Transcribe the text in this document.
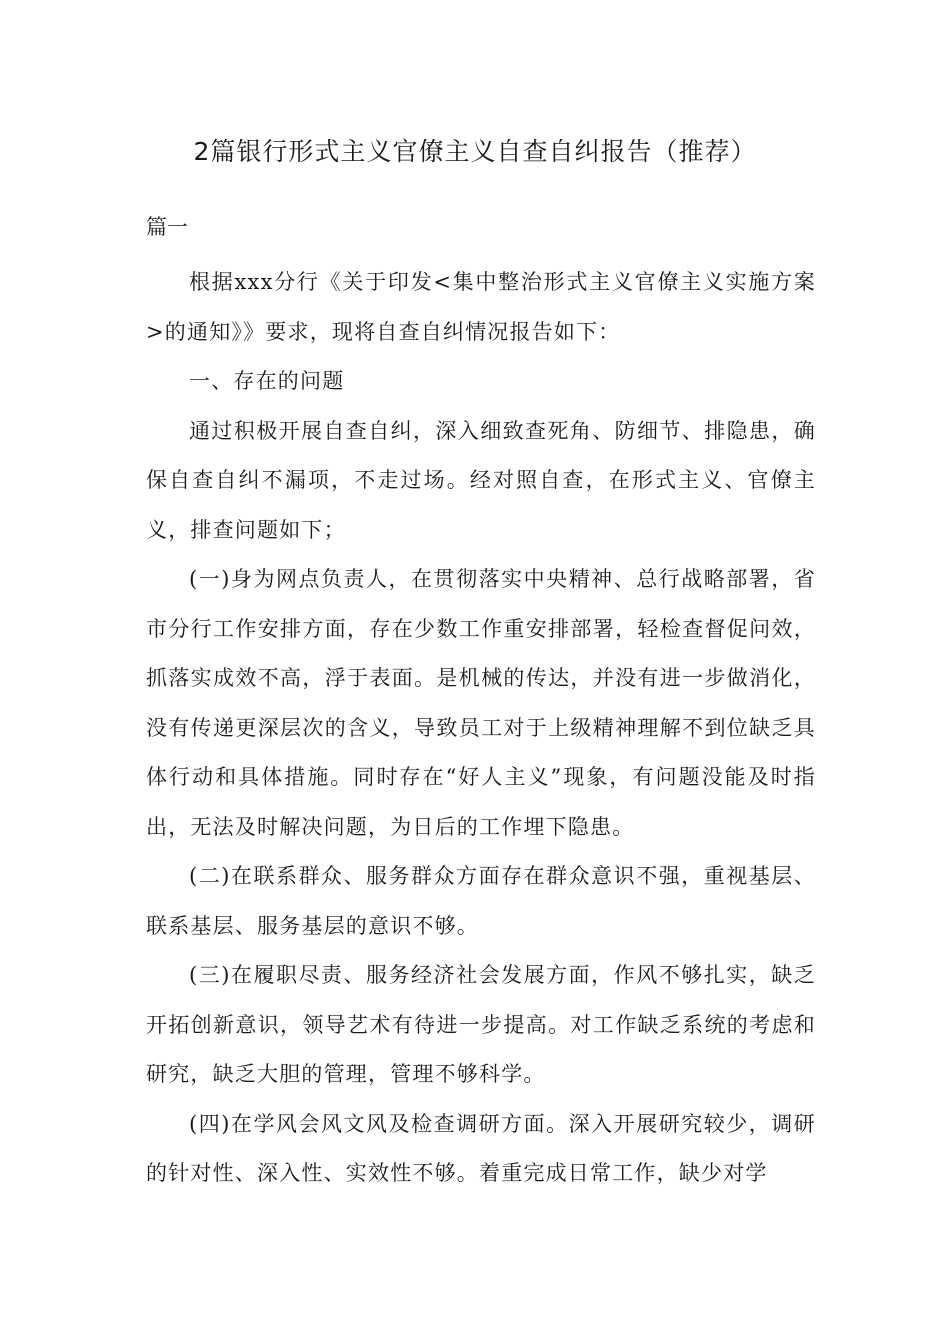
2篇银行形式主义官僚主义自查自纠报告（推荐）

篇一

根据xxx分行《关于印发<集中整治形式主义官僚主义实施方案>的通知》》要求，现将自查自纠情况报告如下：

一、存在的问题

通过积极开展自查自纠，深入细致查死角、防细节、排隐患，确保自查自纠不漏项，不走过场。经对照自查，在形式主义、官僚主义，排查问题如下；

(一)身为网点负责人，在贯彻落实中央精神、总行战略部署，省市分行工作安排方面，存在少数工作重安排部署，轻检查督促问效，抓落实成效不高，浮于表面。是机械的传达，并没有进一步做消化，没有传递更深层次的含义，导致员工对于上级精神理解不到位缺乏具体行动和具体措施。同时存在“好人主义”现象，有问题没能及时指出，无法及时解决问题，为日后的工作埋下隐患。

(二)在联系群众、服务群众方面存在群众意识不强，重视基层、联系基层、服务基层的意识不够。

(三)在履职尽责、服务经济社会发展方面，作风不够扎实，缺乏开拓创新意识，领导艺术有待进一步提高。对工作缺乏系统的考虑和研究，缺乏大胆的管理，管理不够科学。

(四)在学风会风文风及检查调研方面。深入开展研究较少，调研的针对性、深入性、实效性不够。着重完成日常工作，缺少对学
